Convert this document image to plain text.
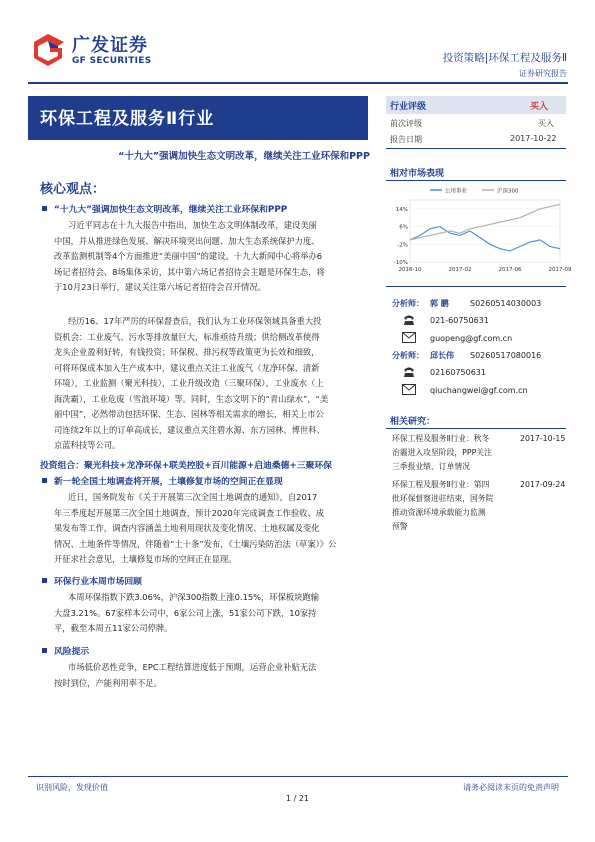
广发证券
GF SECURITIES	投资策略|环保工程及服务Ⅱ
证券研究报告
环保工程及服务Ⅱ行业
“十九大”强调加快生态文明改革，继续关注工业环保和PPP
核心观点：
“十九大”强调加快生态文明改革，继续关注工业环保和PPP
习近平同志在十九大报告中指出，加快生态文明体制改革，建设美丽
中国，并从推进绿色发展、解决环境突出问题、加大生态系统保护力度、
改革监测机制等4个方面推进“美丽中国”的建设。十九大新闻中心将举办6
场记者招待会、8场集体采访，其中第六场记者招待会主题是环保生态，将
于10月23日举行，建议关注第六场记者招待会召开情况。
经历16、17年严厉的环保督查后，我们认为工业环保领域具备重大投
资机会：工业废气、污水等排放量巨大，标准亟待升级；供给侧改革使得
龙头企业盈利好转，有钱投资；环保税、排污权等政策更为长效和细致，
可将环保成本加入生产成本中，建议重点关注工业废气（龙净环保、清新
环境），工业监测（聚光科技），工业升级改造（三聚环保），工业废水（上
海洗霸），工业危废（雪浪环境）等。同时，生态文明下的“青山绿水”，“美
丽中国”，必然带动包括环保、生态、园林等相关需求的增长，相关上市公
司连续2年以上的订单高成长，建议重点关注碧水源、东方园林、博世科、
京蓝科技等公司。
投资组合：聚光科技+龙净环保+联美控股+百川能源+启迪桑德+三聚环保
新一轮全国土地调查将开展，土壤修复市场的空间正在显现
近日，国务院发布《关于开展第三次全国土地调查的通知》，自2017
年三季度起开展第三次全国土地调查，预计2020年完成调查工作验收、成
果发布等工作，调查内容涵盖土地利用现状及变化情况、土地权属及变化
情况、土地条件等情况，伴随着“土十条”发布，《土壤污染防治法（草案）》公
开征求社会意见，土壤修复市场的空间正在显现。
环保行业本周市场回顾
本周环保指数下跌3.06%，沪深300指数上涨0.15%，环保板块跑输
大盘3.21%。67家样本公司中，6家公司上涨，51家公司下跌，10家持
平，截至本周五11家公司停牌。
风险提示
市场低价恶性竞争，EPC工程结算进度低于预期，运营企业补贴无法
按时到位，产能利用率不足。
行业评级	买入
前次评级	买入
报告日期	2017-10-22
相对市场表现
公用事业	沪深300
14%
6%
-2%
-10%
2016-10	2017-02	2017-06	2017-09
分析师： 郭 鹏	S0260514030003
021-60750631
guopeng@gf.com.cn
分析师： 邱长伟 S0260517080016
02160750631
qiuchangwei@gf.com.cn
相关研究：
环保工程及服务Ⅱ行业：秋冬
治霾进入攻坚阶段，PPP关注
三季报业绩、订单情况
2017-10-15
环保工程及服务Ⅱ行业：第四
批环保督察进驻结束，国务院
推动资源环境承载能力监测
预警
2017-09-24
识别风险，发现价值	请务必阅读末页的免责声明
1 / 21
